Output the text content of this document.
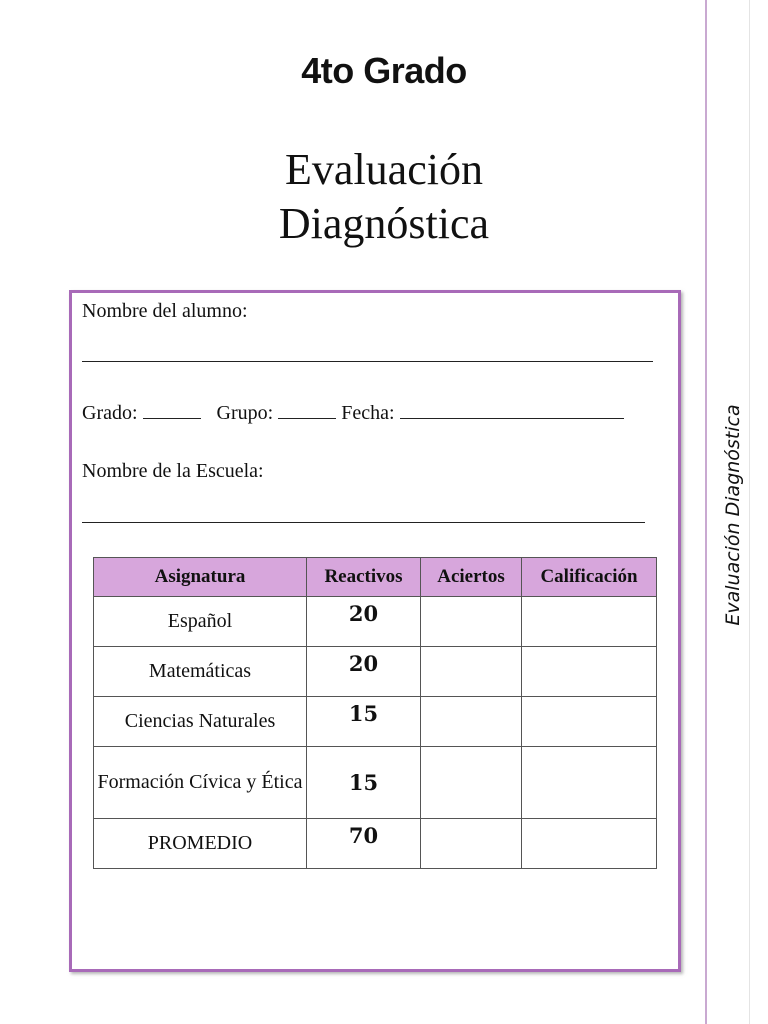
Evaluación Diagnóstica
4to Grado
Evaluación
Diagnóstica
Nombre del alumno:
Grado:	Grupo:	Fecha:
Nombre de la Escuela:
Asignatura	Reactivos	Aciertos	Calificación
Español	20		
Matemáticas	20		
Ciencias Naturales	15		
Formación Cívica y Ética	15		
PROMEDIO	70		
